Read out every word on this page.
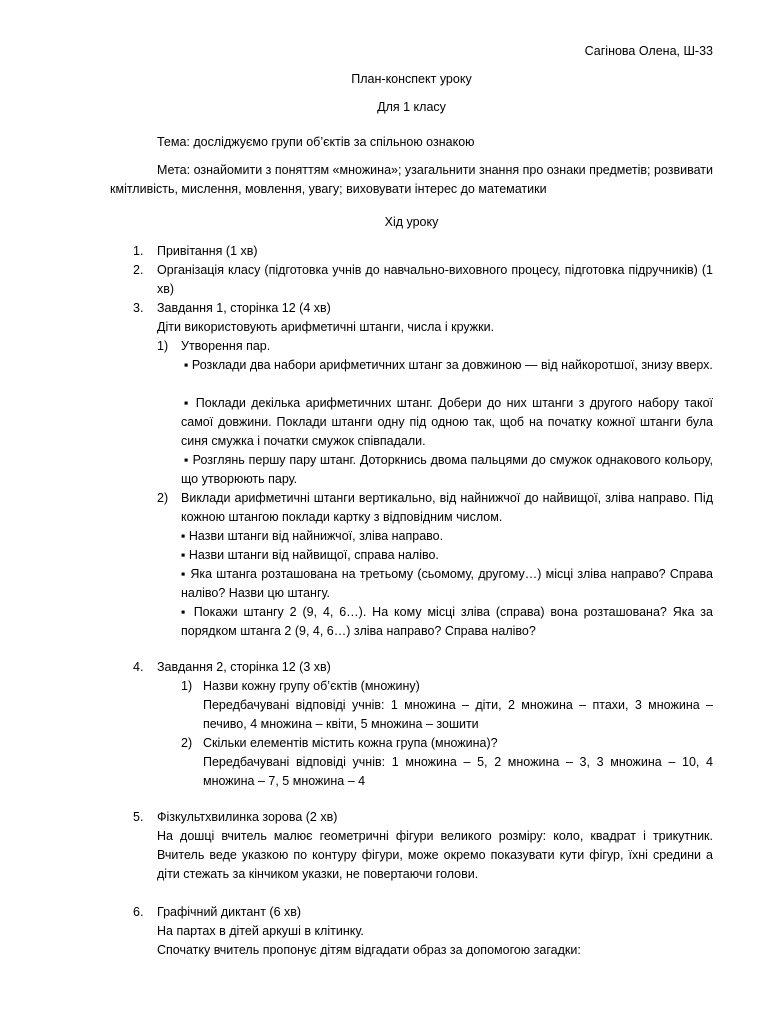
Сагінова Олена, Ш-33

План-конспект уроку

Для 1 класу

Тема: досліджуємо групи об’єктів за спільною ознакою

Мета: ознайомити з поняттям «множина»; узагальнити знання про ознаки предметів; розвивати кмітливість, мислення, мовлення, увагу; виховувати інтерес до математики

Хід уроку

1. Привітання (1 хв)
2. Організація класу (підготовка учнів до навчально-виховного процесу, підготовка підручників) (1 хв)
3. Завдання 1, сторінка 12 (4 хв)

Діти використовують арифметичні штанги, числа і кружки.

1) Утворення пар.

▪ Розклади два набори арифметичних штанг за довжиною — від найкоротшої, знизу вверх.

▪ Поклади декілька арифметичних штанг. Добери до них штанги з другого набору такої самої довжини. Поклади штанги одну під одною так, щоб на початку кожної штанги була синя смужка і початки смужок співпадали.

▪ Розглянь першу пару штанг. Доторкнись двома пальцями до смужок однакового кольору, що утворюють пару.

2) Виклади арифметичні штанги вертикально, від найнижчої до найвищої, зліва направо. Під кожною штангою поклади картку з відповідним числом.

▪ Назви штанги від найнижчої, зліва направо.

▪ Назви штанги від найвищої, справа наліво.

▪ Яка штанга розташована на третьому (сьомому, другому…) місці зліва направо? Справа наліво? Назви цю штангу.

▪ Покажи штангу 2 (9, 4, 6…). На кому місці зліва (справа) вона розташована? Яка за порядком штанга 2 (9, 4, 6…) зліва направо? Справа наліво?

4. Завдання 2, сторінка 12 (3 хв)
1) Назви кожну групу об’єктів (множину)

Передбачувані відповіді учнів: 1 множина – діти, 2 множина – птахи, 3 множина – печиво, 4 множина – квіти, 5 множина – зошити

2) Скільки елементів містить кожна група (множина)?

Передбачувані відповіді учнів: 1 множина – 5, 2 множина – 3, 3 множина – 10, 4 множина – 7, 5 множина – 4

5. Фізкультхвилинка зорова (2 хв)

На дошці вчитель малює геометричні фігури великого розміру: коло, квадрат і трикутник. Вчитель веде указкою по контуру фігури, може окремо показувати кути фігур, їхні средини а діти стежать за кінчиком указки, не повертаючи голови.

6. Графічний диктант (6 хв)

На партах в дітей аркуші в клітинку.

Спочатку вчитель пропонує дітям відгадати образ за допомогою загадки:
